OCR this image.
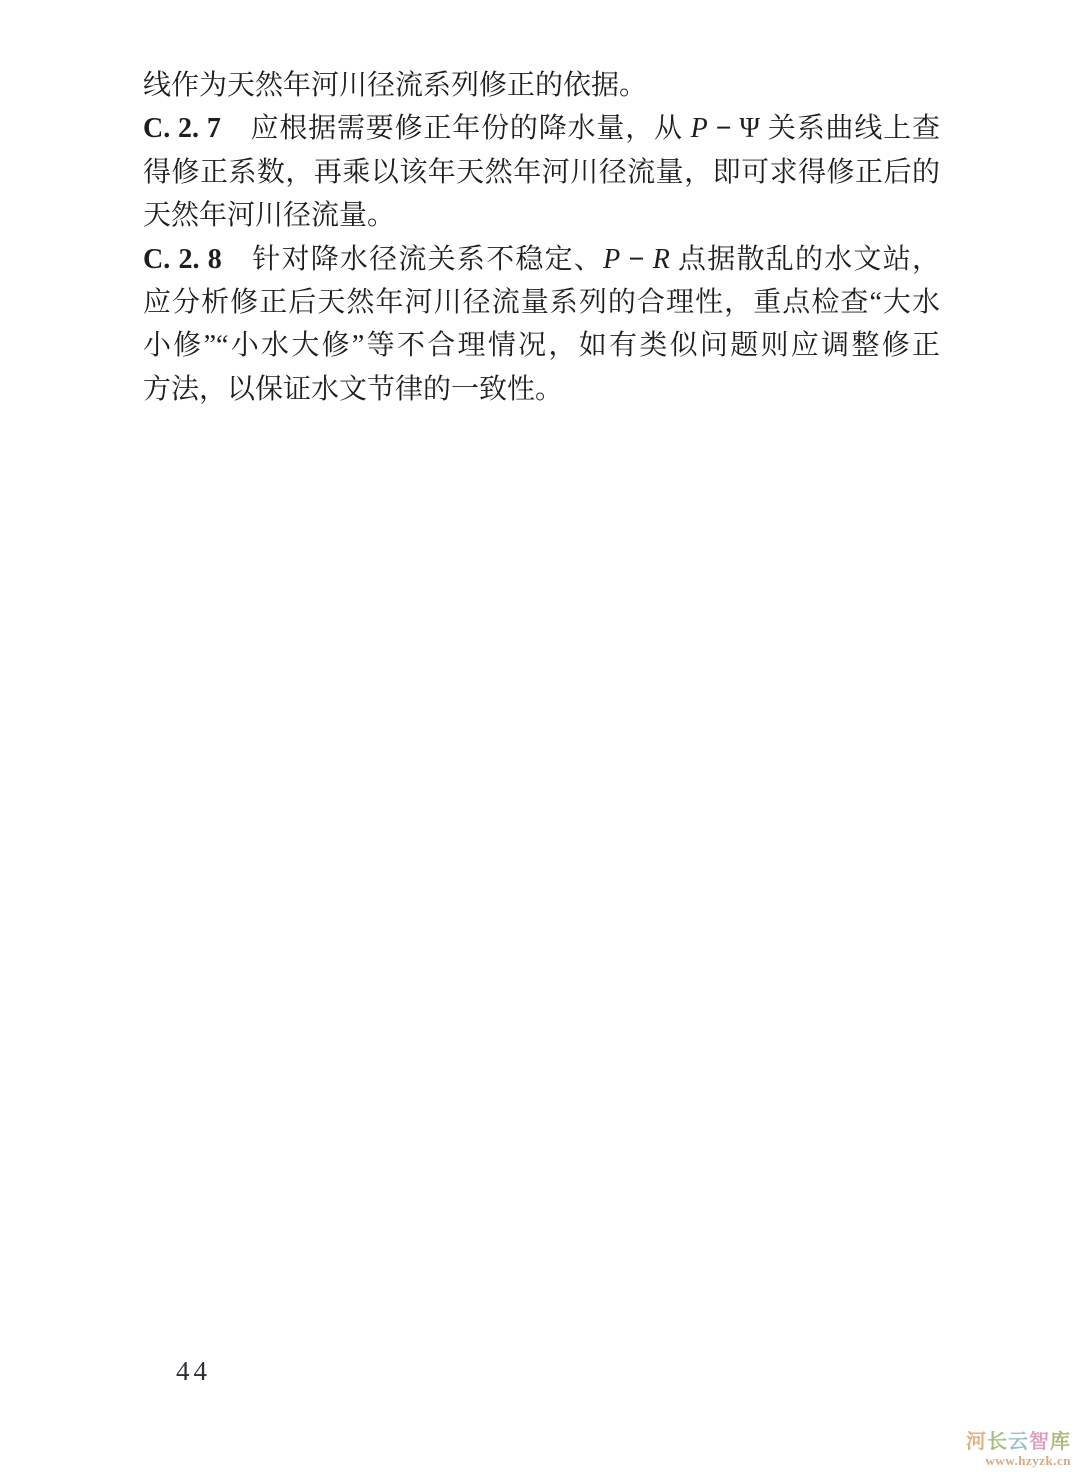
线作为天然年河川径流系列修正的依据。

C. 2. 7　应根据需要修正年份的降水量，从 P − Ψ 关系曲线上查

得修正系数，再乘以该年天然年河川径流量，即可求得修正后的

天然年河川径流量。

C. 2. 8　针对降水径流关系不稳定、P − R 点据散乱的水文站，

应分析修正后天然年河川径流量系列的合理性，重点检查“大水

小修”“小水大修”等不合理情况，如有类似问题则应调整修正

方法，以保证水文节律的一致性。

44
河长云智库
www.hzyzk.cn
